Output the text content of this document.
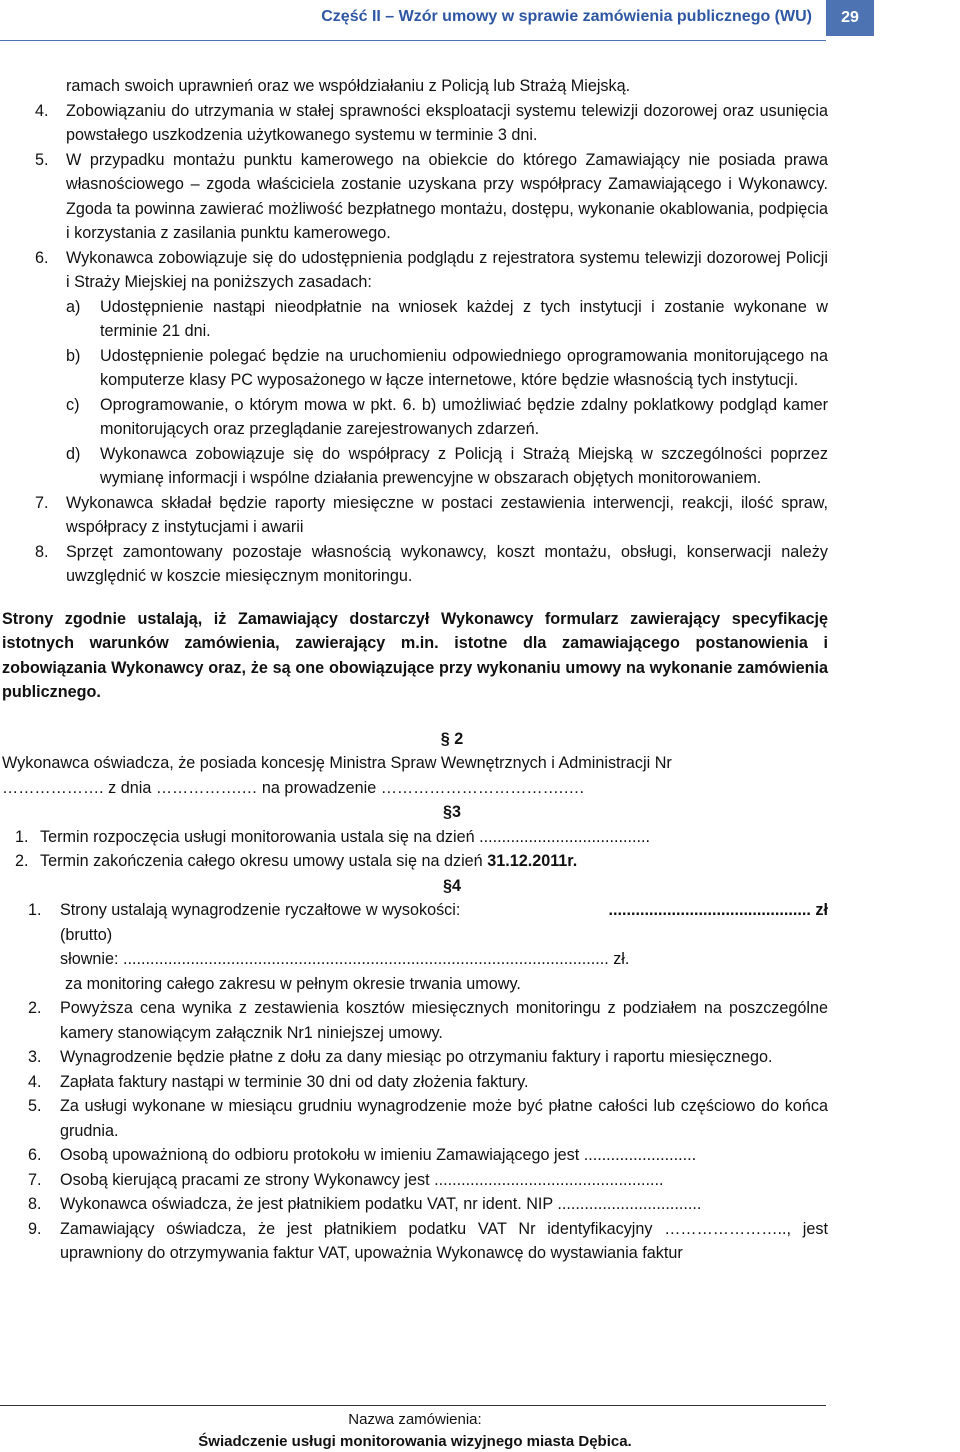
Część II – Wzór umowy w sprawie zamówienia publicznego (WU)	29
ramach swoich uprawnień oraz we współdziałaniu z Policją lub Strażą Miejską.
4. Zobowiązaniu do utrzymania w stałej sprawności eksploatacji systemu telewizji dozorowej oraz usunięcia powstałego uszkodzenia użytkowanego systemu w terminie 3 dni.
5. W przypadku montażu punktu kamerowego na obiekcie do którego Zamawiający nie posiada prawa własnościowego – zgoda właściciela zostanie uzyskana przy współpracy Zamawiającego i Wykonawcy. Zgoda ta powinna zawierać możliwość bezpłatnego montażu, dostępu, wykonanie okablowania, podpięcia i korzystania z zasilania punktu kamerowego.
6. Wykonawca zobowiązuje się do udostępnienia podglądu z rejestratora systemu telewizji dozorowej Policji i Straży Miejskiej na poniższych zasadach:
a) Udostępnienie nastąpi nieodpłatnie na wniosek każdej z tych instytucji i zostanie wykonane w terminie 21 dni.
b) Udostępnienie polegać będzie na uruchomieniu odpowiedniego oprogramowania monitorującego na komputerze klasy PC wyposażonego w łącze internetowe, które będzie własnością tych instytucji.
c) Oprogramowanie, o którym mowa w pkt. 6. b) umożliwiać będzie zdalny poklatkowy podgląd kamer monitorujących oraz przeglądanie zarejestrowanych zdarzeń.
d) Wykonawca zobowiązuje się do współpracy z Policją i Strażą Miejską w szczególności poprzez wymianę informacji i wspólne działania prewencyjne w obszarach objętych monitorowaniem.
7. Wykonawca składał będzie raporty miesięczne w postaci zestawienia interwencji, reakcji, ilość spraw, współpracy z instytucjami i awarii
8. Sprzęt zamontowany pozostaje własnością wykonawcy, koszt montażu, obsługi, konserwacji należy uwzględnić w koszcie miesięcznym monitoringu.
Strony zgodnie ustalają, iż Zamawiający dostarczył Wykonawcy formularz zawierający specyfikację istotnych warunków zamówienia, zawierający m.in. istotne dla zamawiającego postanowienia i zobowiązania Wykonawcy oraz, że są one obowiązujące przy wykonaniu umowy na wykonanie zamówienia publicznego.
§ 2
Wykonawca oświadcza, że posiada koncesję Ministra Spraw Wewnętrznych i Administracji Nr
………………. z dnia …………….… na prowadzenie …………………………….….
§3
1. Termin rozpoczęcia usługi monitorowania ustala się na dzień ......................................
2. Termin zakończenia całego okresu umowy ustala się na dzień 31.12.2011r.
§4
1. Strony ustalają wynagrodzenie ryczałtowe w wysokości:	............................................. zł
(brutto)
słownie: ............................................................................................................ zł.
za monitoring całego zakresu w pełnym okresie trwania umowy.
2. Powyższa cena wynika z zestawienia kosztów miesięcznych monitoringu z podziałem na poszczególne kamery stanowiącym załącznik Nr1 niniejszej umowy.
3. Wynagrodzenie będzie płatne z dołu za dany miesiąc po otrzymaniu faktury i raportu miesięcznego.
4. Zapłata faktury nastąpi w terminie 30 dni od daty złożenia faktury.
5. Za usługi wykonane w miesiącu grudniu wynagrodzenie może być płatne całości lub częściowo do końca grudnia.
6. Osobą upoważnioną do odbioru protokołu w imieniu Zamawiającego jest .........................
7. Osobą kierującą pracami ze strony Wykonawcy jest ...................................................
8. Wykonawca oświadcza, że jest płatnikiem podatku VAT, nr ident. NIP ................................
9. Zamawiający oświadcza, że jest płatnikiem podatku VAT Nr identyfikacyjny ………………….., jest uprawniony do otrzymywania faktur VAT, upoważnia Wykonawcę do wystawiania faktur
Nazwa zamówienia:
Świadczenie usługi monitorowania wizyjnego miasta Dębica.
